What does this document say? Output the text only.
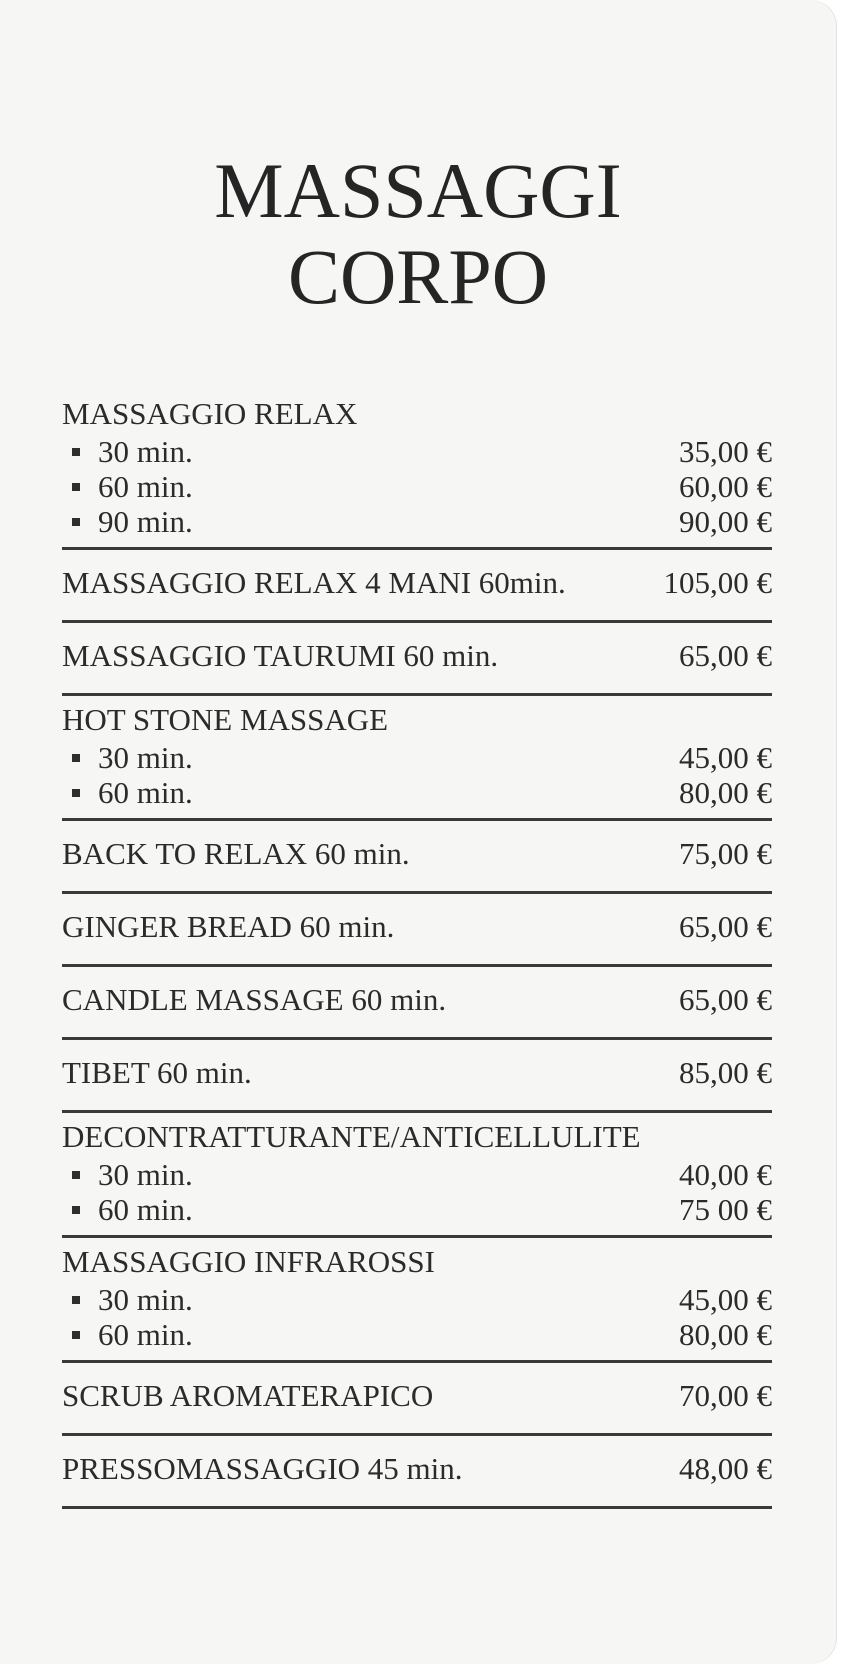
MASSAGGI
CORPO
MASSAGGIO RELAX
30 min.	35,00 €
60 min.	60,00 €
90 min.	90,00 €
MASSAGGIO RELAX 4 MANI 60min.	105,00 €
MASSAGGIO TAURUMI 60 min.	65,00 €
HOT STONE MASSAGE
30 min.	45,00 €
60 min.	80,00 €
BACK TO RELAX 60 min.	75,00 €
GINGER BREAD 60 min.	65,00 €
CANDLE MASSAGE 60 min.	65,00 €
TIBET 60 min.	85,00 €
DECONTRATTURANTE/ANTICELLULITE
30 min.	40,00 €
60 min.	75 00 €
MASSAGGIO INFRAROSSI
30 min.	45,00 €
60 min.	80,00 €
SCRUB AROMATERAPICO	70,00 €
PRESSOMASSAGGIO 45 min.	48,00 €
